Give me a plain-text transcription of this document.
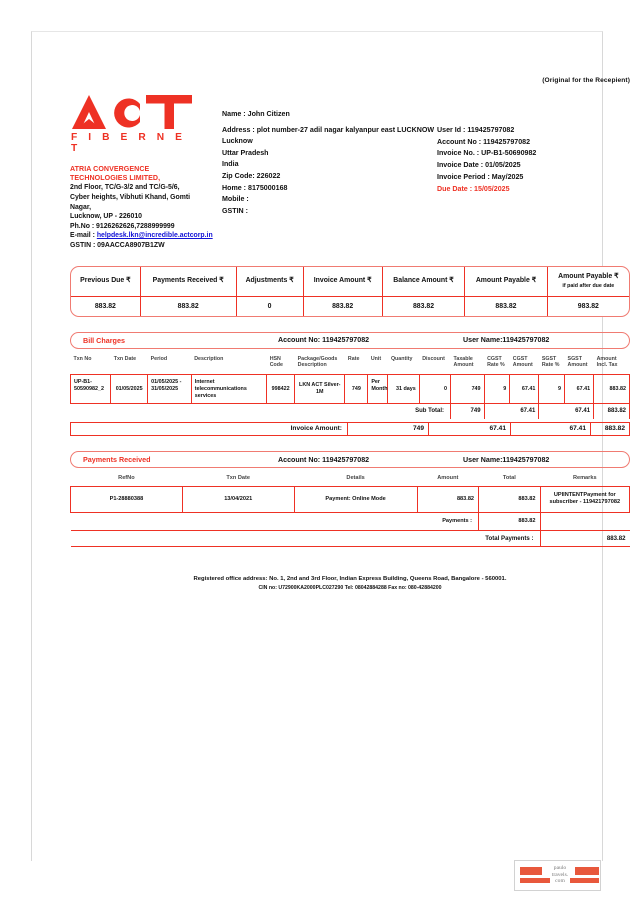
(Original for the Recepient)
F I B E R N E T
ATRIA CONVERGENCE
TECHNOLOGIES LIMITED,
2nd Floor, TC/G-3/2 and TC/G-5/6,
Cyber heights, Vibhuti Khand, Gomti
Nagar,
Lucknow, UP - 226010
Ph.No : 9126262626,7288999999
E-mail : helpdesk.lkn@incredible.actcorp.in
GSTIN : 09AACCA8907B1ZW
Name : John Citizen
Address : plot number-27 adil nagar kalyanpur east LUCKNOW
Lucknow
Uttar Pradesh
India
Zip Code: 226022
Home : 8175000168
Mobile :
GSTIN :
User Id : 119425797082
Account No : 119425797082
Invoice No. : UP-B1-50690982
Invoice Date : 01/05/2025
Invoice Period : May/2025
Due Date : 15/05/2025
Previous Due ₹	Payments Received ₹	Adjustments ₹	Invoice Amount ₹	Balance Amount ₹	Amount Payable ₹	Amount Payable ₹
if paid after due date

883.82	883.82	0	883.82	883.82	883.82	983.82
Bill Charges	Account No: 119425797082	User Name:119425797082
Txn No	Txn Date	Period	Description	HSN Code	Package/Goods Description	Rate	Unit	Quantity	Discount	Taxable Amount	CGST Rate %	CGST Amount	SGST Rate %	SGST Amount	Amount Incl. Tax
UP-B1-50590982_2	01/05/2025	01/05/2025 - 31/05/2025	Internet telecommunications services	998422	LKN ACT Silver-1M	749	Per Month	31 days	0	749	9	67.41	9	67.41	883.82
Sub Total:										749		67.41		67.41	883.82
Invoice Amount:	749	67.41	67.41	883.82
Payments Received	Account No: 119425797082	User Name:119425797082
RefNo	Txn Date	Details	Amount	Total	Remarks
P1-28880388	13/04/2021	Payment: Online Mode	883.82	883.82	UPIINTENTPayment for subscriber - 119421797082
Payments :				883.82	
Total Payments :					883.82
Registered office address: No. 1, 2nd and 3rd Floor, Indian Express Building, Queens Road, Bangalore - 560001.
CIN no: U72900KA2000PLC027290 Tel: 08042884288 Fax no: 080-42884200
paulo
travels.
com
